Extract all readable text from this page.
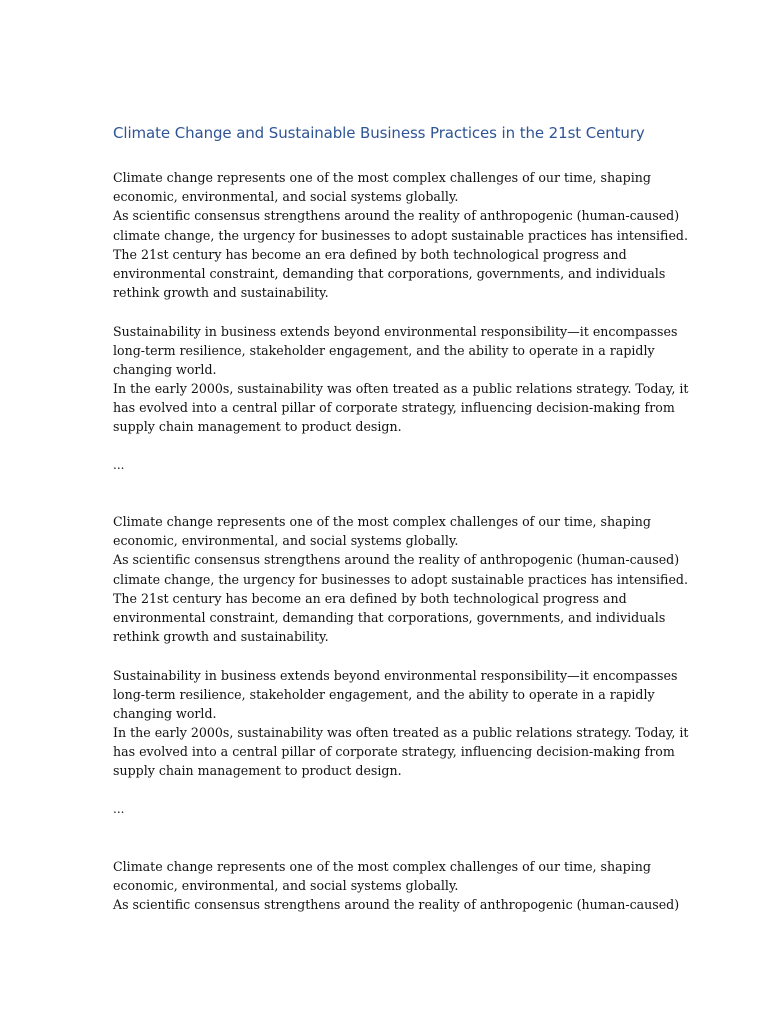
Climate Change and Sustainable Business Practices in the 21st Century
Climate change represents one of the most complex challenges of our time, shaping
economic, environmental, and social systems globally.
As scientific consensus strengthens around the reality of anthropogenic (human-caused)
climate change, the urgency for businesses to adopt sustainable practices has intensified.
The 21st century has become an era defined by both technological progress and
environmental constraint, demanding that corporations, governments, and individuals
rethink growth and sustainability.
Sustainability in business extends beyond environmental responsibility—it encompasses
long-term resilience, stakeholder engagement, and the ability to operate in a rapidly
changing world.
In the early 2000s, sustainability was often treated as a public relations strategy. Today, it
has evolved into a central pillar of corporate strategy, influencing decision-making from
supply chain management to product design.
...
Climate change represents one of the most complex challenges of our time, shaping
economic, environmental, and social systems globally.
As scientific consensus strengthens around the reality of anthropogenic (human-caused)
climate change, the urgency for businesses to adopt sustainable practices has intensified.
The 21st century has become an era defined by both technological progress and
environmental constraint, demanding that corporations, governments, and individuals
rethink growth and sustainability.
Sustainability in business extends beyond environmental responsibility—it encompasses
long-term resilience, stakeholder engagement, and the ability to operate in a rapidly
changing world.
In the early 2000s, sustainability was often treated as a public relations strategy. Today, it
has evolved into a central pillar of corporate strategy, influencing decision-making from
supply chain management to product design.
...
Climate change represents one of the most complex challenges of our time, shaping
economic, environmental, and social systems globally.
As scientific consensus strengthens around the reality of anthropogenic (human-caused)
